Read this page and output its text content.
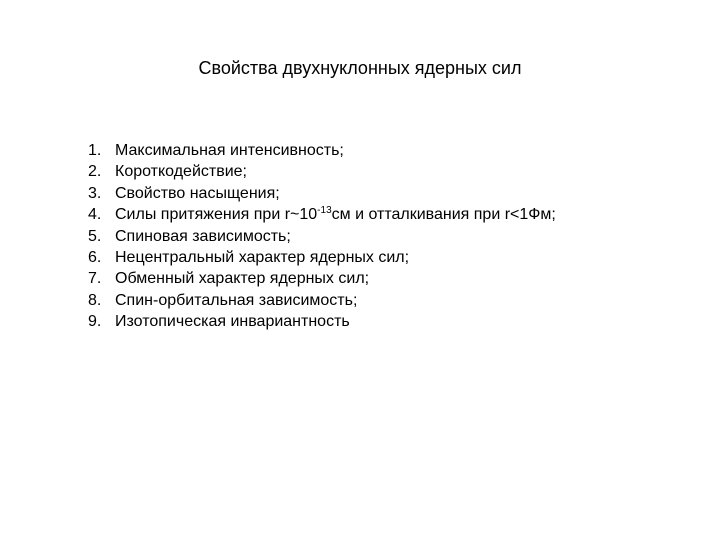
Свойства двухнуклонных ядерных сил
1. Максимальная интенсивность;
2. Короткодействие;
3. Свойство насыщения;
4. Силы притяжения при $r\sim 10^{-13}см$ и отталкивания при r<1Фм;
5. Спиновая зависимость;
6. Нецентральный характер ядерных сил;
7. Обменный характер ядерных сил;
8. Спин-орбитальная зависимость;
9. Изотопическая инвариантность
